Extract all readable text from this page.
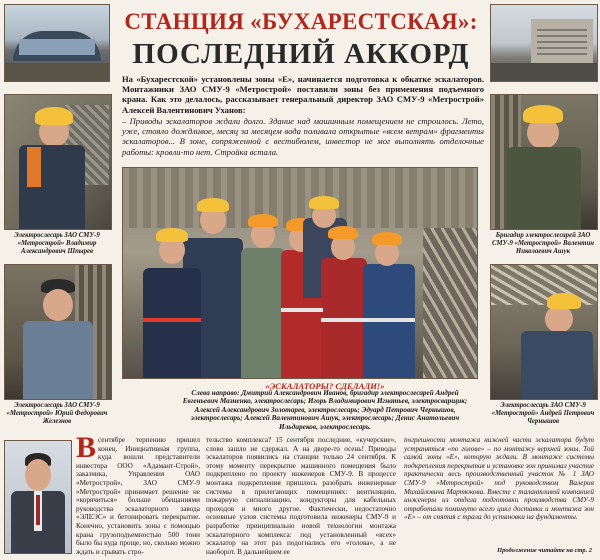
СТАНЦИЯ «БУХАРЕСТСКАЯ»:
ПОСЛЕДНИЙ АККОРД
На «Бухарестской» установлены зоны «Е», начинается подготовка к обкатке эскалаторов. Монтажники ЗАО СМУ-9 «Метрострой» поставили зоны без применения подъемного крана. Как это делалось, рассказывает генеральный директор ЗАО СМУ-9 «Метрострой» Алексей Валентинович Уханов:
– Приводы эскалаторов ждали долго. Здание над машинным помещением не строилось. Лето, уже, стояло дождливое, месяц за месяцем вода поливала открытые «всем ветрам» фрагменты эскалаторов... В зоне, сопряженной с вестибюлем, инвестор не мог выполнять отделочные работы: кровли-то нет. Стройка встала.
Электрослесарь ЗАО СМУ-9 «Метрострой» Владимир Александрович Шпырев
Электрослесарь ЗАО СМУ-9 «Метрострой» Юрий Федорович Железнов
«ЭСКАЛАТОРЫ? СДЕЛАЛИ!»
Слева направо: Дмитрий Александрович Иванов, бригадир электрослесарей Андрей Евгеньевич Мазненко, электрослесарь; Игорь Владимирович Игнатьев, электросварщик; Алексей Александрович Золотарев, электрослесарь; Эдуард Петрович Чернышов, электрослесарь; Алексей Валентинович Ашук, электрослесарь; Денис Анатольевич Ильдиреков, электрослесарь.
Бригадир электрослесарей ЗАО СМУ-9 «Метрострой» Валентин Николаевич Ашук
Электрослесарь ЗАО СМУ-9 «Метрострой» Андрей Петрович Чернышов
Всентябре терпению пришел конец. Инициативная группа, куда вошли представители инвестора ООО «Адамант-Строй», заказчика, Управления ОАО «Метрострой», ЗАО СМУ-9 «Метрострой» принимает решение не «корячиться» больше обещаниями руководства эскалаторного завода «ЭЛЕЭС» и бетонировать перекрытие. Конечно, установить зоны с помощью крана грузоподъемностью 500 тонн было бы куда проще, но, сколько можно ждать и срывать стро-
тельство комплекса? 15 сентября последние, «кучерские», слово зашло не сдержал. А на дворе-то осень! Приводы эскалаторов появились на станции только 24 сентября. К этому моменту перекрытие машинного помещения было подкреплено по проекту инженеров СМУ-9. В процессе монтажа подкрепления пришлось разобрать инженерные системы в прилегающих помещениях: вентиляцию, пожарную сигнализацию, кондукторы для кабельных проходов и много другое. Фактически, недостаточно основные узлов системы подготовила инженеры СМУ-9 и разработке принципиально новой технологии монтажа эскалаторного комплекса: под установленный «всех» эскалатор на этот раз подогнались его «голова», а не наоборот. В дальнейшем ее
погрешности монтажа нижней части эскалатора будут устраняться «по голове» – по монтажу верхней зоны. Той самой зоны «Е», которую ждали. В монтаже системы подкрепления перекрытия и установке зон принимал участие практически весь производственный участок № 1 ЗАО СМУ-9 «Метрострой» под руководством Валерия Михайловича Мартюкова. Вместе с талантливой компанией инженеры из отдела подготовки производства СМУ-9 отработали помимуто всего цикл доставки и монтажа зон «Е» – от снятия с трала до установки на фундаменты.
Продолжение читайте на стр. 2
